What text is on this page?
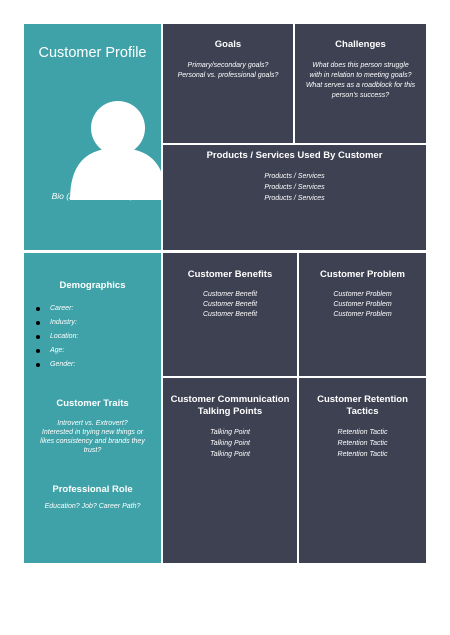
Customer Profile
Bio (About Customer)
Goals
Primary/secondary goals?
Personal vs. professional goals?
Challenges
What does this person struggle
with in relation to meeting goals?
What serves as a roadblock for this
person's success?
Products / Services Used By Customer
Products / Services
Products / Services
Products / Services
Demographics
Career:
Industry:
Location:
Age:
Gender:
Customer Traits
Introvert vs. Extrovert?
Interested in trying new things or
likes consistency and brands they
trust?
Professional Role
Education? Job? Career Path?
Customer Benefits
Customer Benefit
Customer Benefit
Customer Benefit
Customer Problem
Customer Problem
Customer Problem
Customer Problem
Customer Communication
Talking Points
Talking Point
Talking Point
Talking Point
Customer Retention
Tactics
Retention Tactic
Retention Tactic
Retention Tactic
